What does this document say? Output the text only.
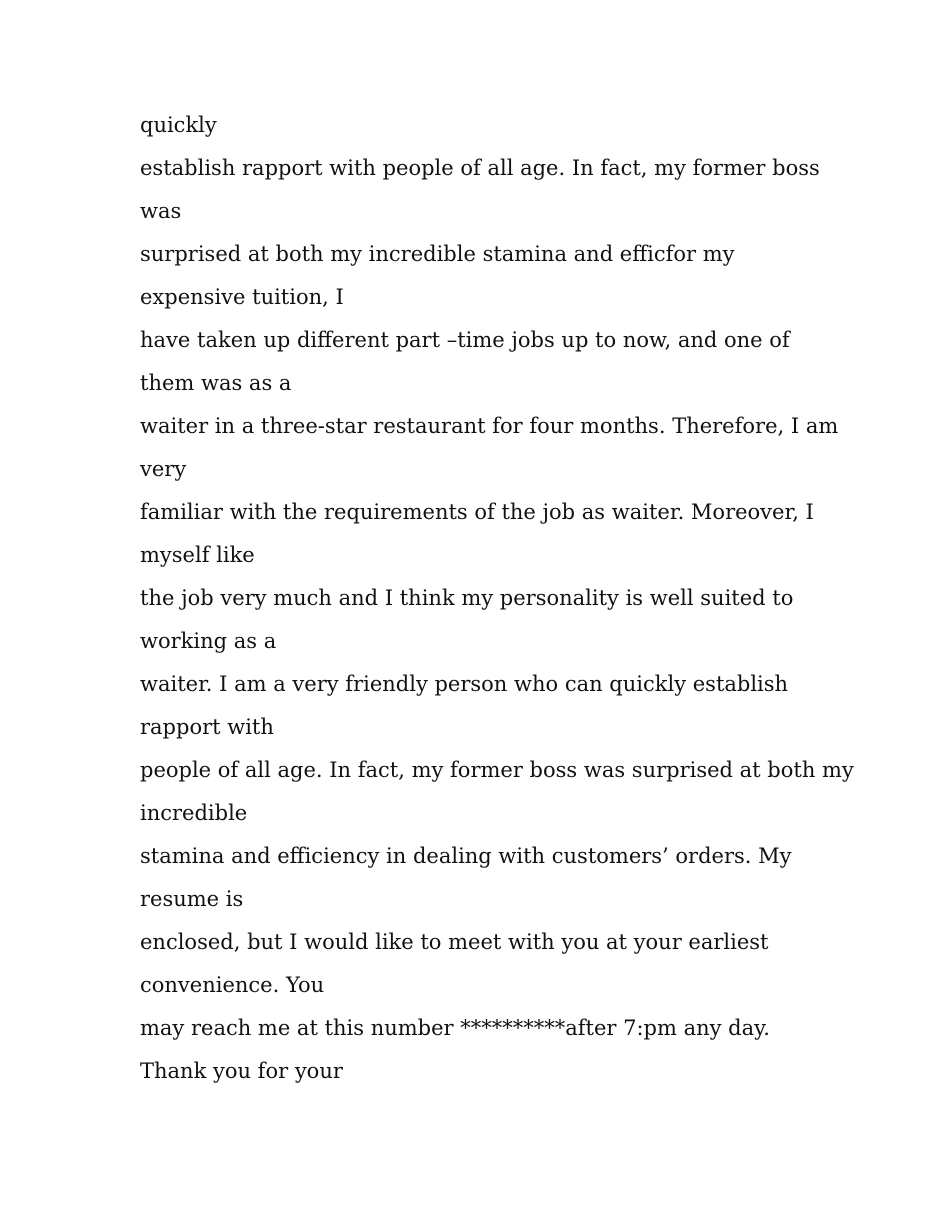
quickly
establish rapport with people of all age. In fact, my former boss
was
surprised at both my incredible stamina and efficfor my
expensive tuition, I
have taken up different part –time jobs up to now, and one of
them was as a
waiter in a three-star restaurant for four months. Therefore, I am
very
familiar with the requirements of the job as waiter. Moreover, I
myself like
the job very much and I think my personality is well suited to
working as a
waiter. I am a very friendly person who can quickly establish
rapport with
people of all age. In fact, my former boss was surprised at both my
incredible
stamina and efficiency in dealing with customers’ orders. My
resume is
enclosed, but I would like to meet with you at your earliest
convenience. You
may reach me at this number **********after 7:pm any day.
Thank you for your
